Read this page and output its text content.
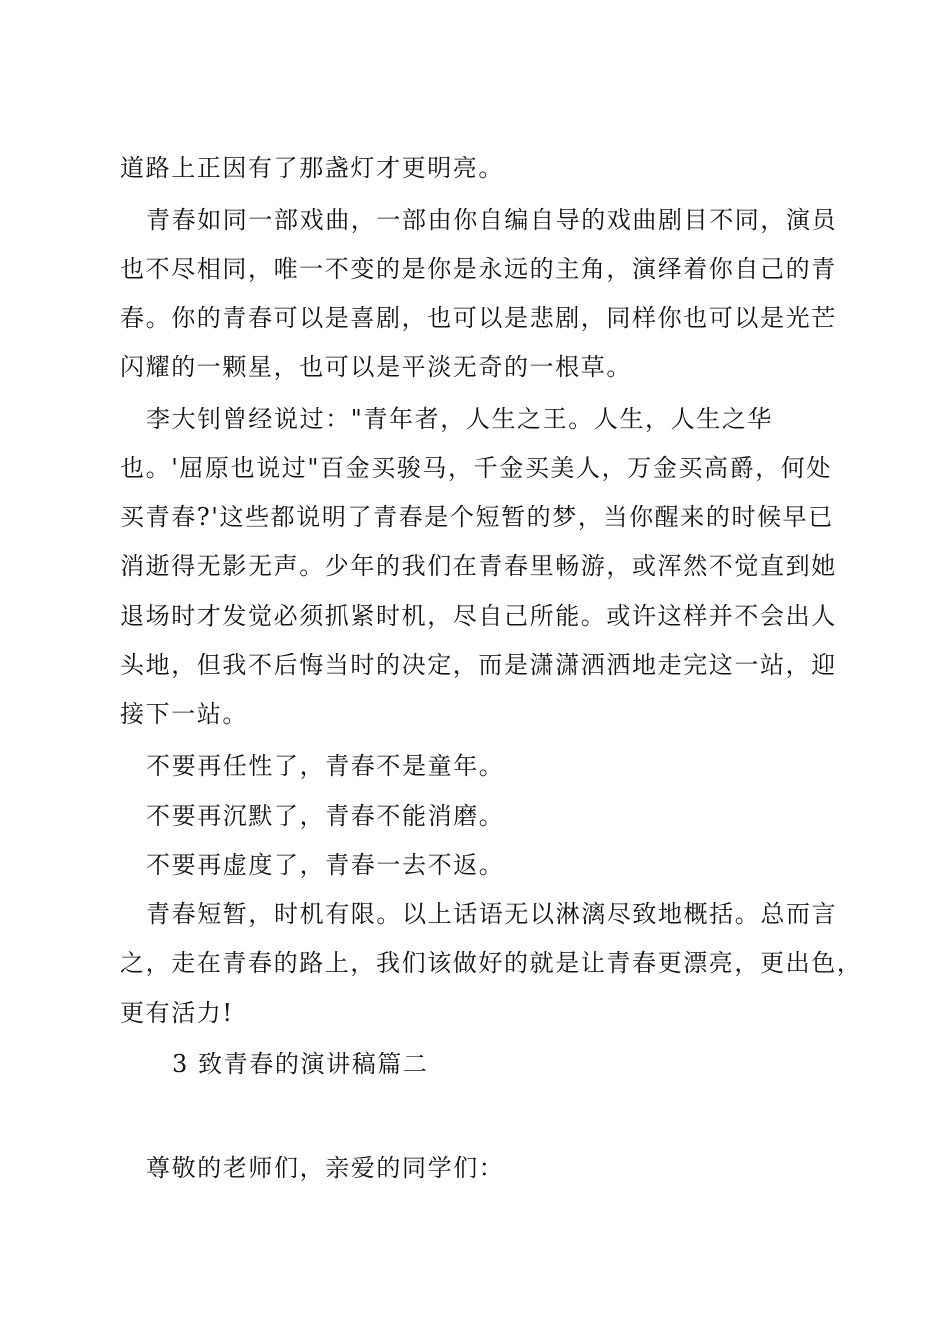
道路上正因有了那盏灯才更明亮。
青春如同一部戏曲，一部由你自编自导的戏曲剧目不同，演员
也不尽相同，唯一不变的是你是永远的主角，演绎着你自己的青
春。你的青春可以是喜剧，也可以是悲剧，同样你也可以是光芒
闪耀的一颗星，也可以是平淡无奇的一根草。
李大钊曾经说过："青年者，人生之王。人生，人生之华
也。'屈原也说过"百金买骏马，千金买美人，万金买高爵，何处
买青春?'这些都说明了青春是个短暂的梦，当你醒来的时候早已
消逝得无影无声。少年的我们在青春里畅游，或浑然不觉直到她
退场时才发觉必须抓紧时机，尽自己所能。或许这样并不会出人
头地，但我不后悔当时的决定，而是潇潇洒洒地走完这一站，迎
接下一站。
不要再任性了，青春不是童年。
不要再沉默了，青春不能消磨。
不要再虚度了，青春一去不返。
青春短暂，时机有限。以上话语无以淋漓尽致地概括。总而言
之，走在青春的路上，我们该做好的就是让青春更漂亮，更出色，
更有活力!
3 致青春的演讲稿篇二
尊敬的老师们，亲爱的同学们：
